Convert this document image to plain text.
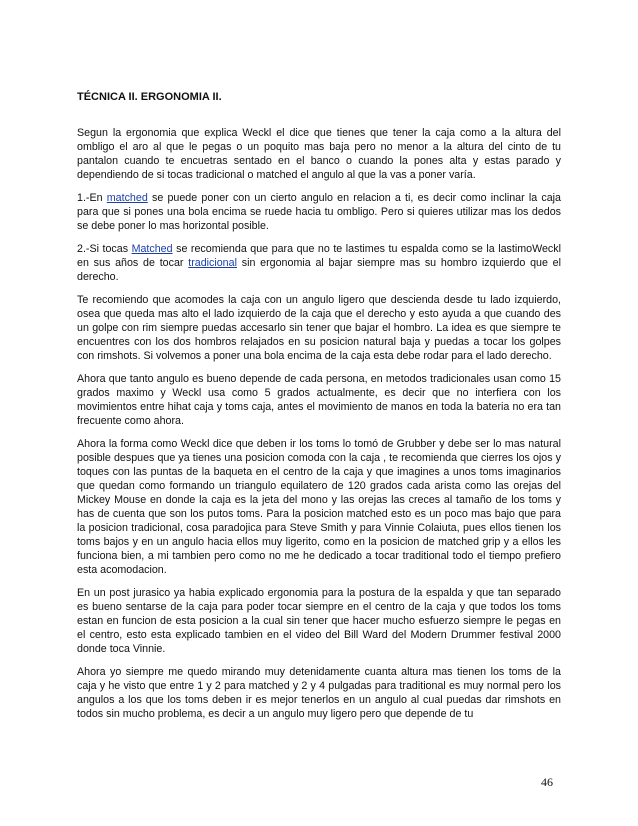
TÉCNICA II. ERGONOMIA II.

Segun la ergonomia que explica Weckl el dice que tienes que tener la caja como a la altura del ombligo el aro al que le pegas o un poquito mas baja pero no menor a la altura del cinto de tu pantalon cuando te encuetras sentado en el banco o cuando la pones alta y estas parado y dependiendo de si tocas tradicional o matched el angulo al que la vas a poner varía.

1.-En matched se puede poner con un cierto angulo en relacion a ti, es decir como inclinar la caja para que si pones una bola encima se ruede hacia tu ombligo. Pero si quieres utilizar mas los dedos se debe poner lo mas horizontal posible.

2.-Si tocas Matched se recomienda que para que no te lastimes tu espalda como se la lastimoWeckl en sus años de tocar tradicional sin ergonomia al bajar siempre mas su hombro izquierdo que el derecho.

Te recomiendo que acomodes la caja con un angulo ligero que descienda desde tu lado izquierdo, osea que queda mas alto el lado izquierdo de la caja que el derecho y esto ayuda a que cuando des un golpe con rim siempre puedas accesarlo sin tener que bajar el hombro. La idea es que siempre te encuentres con los dos hombros relajados en su posicion natural baja y puedas a tocar los golpes con rimshots. Si volvemos a poner una bola encima de la caja esta debe rodar para el lado derecho.

Ahora que tanto angulo es bueno depende de cada persona, en metodos tradicionales usan como 15 grados maximo y Weckl usa como 5 grados actualmente, es decir que no interfiera con los movimientos entre hihat caja y toms caja, antes el movimiento de manos en toda la bateria no era tan frecuente como ahora.

Ahora la forma como Weckl dice que deben ir los toms lo tomó de Grubber y debe ser lo mas natural posible despues que ya tienes una posicion comoda con la caja , te recomienda que cierres los ojos y toques con las puntas de la baqueta en el centro de la caja y que imagines a unos toms imaginarios que quedan como formando un triangulo equilatero de 120 grados cada arista como las orejas del Mickey Mouse en donde la caja es la jeta del mono y las orejas las creces al tamaño de los toms y has de cuenta que son los putos toms. Para la posicion matched esto es un poco mas bajo que para la posicion tradicional, cosa paradojica para Steve Smith y para Vinnie Colaiuta, pues ellos tienen los toms bajos y en un angulo hacia ellos muy ligerito, como en la posicion de matched grip y a ellos les funciona bien, a mi tambien pero como no me he dedicado a tocar traditional todo el tiempo prefiero esta acomodacion.

En un post jurasico ya habia explicado ergonomia para la postura de la espalda y que tan separado es bueno sentarse de la caja para poder tocar siempre en el centro de la caja y que todos los toms estan en funcion de esta posicion a la cual sin tener que hacer mucho esfuerzo siempre le pegas en el centro, esto esta explicado tambien en el video del Bill Ward del Modern Drummer festival 2000 donde toca Vinnie.

Ahora yo siempre me quedo mirando muy detenidamente cuanta altura mas tienen los toms de la caja y he visto que entre 1 y 2 para matched y 2 y 4 pulgadas para traditional es muy normal pero los angulos a los que los toms deben ir es mejor tenerlos en un angulo al cual puedas dar rimshots en todos sin mucho problema, es decir a un angulo muy ligero pero que depende de tu

46
